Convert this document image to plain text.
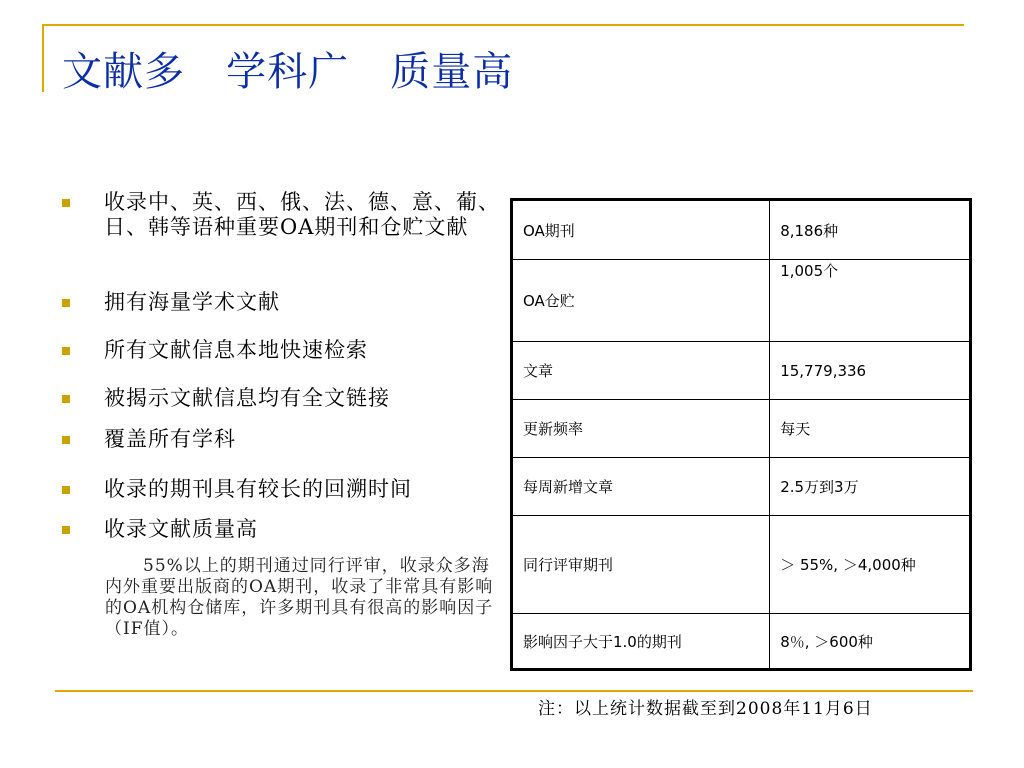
文献多   学科广   质量高
收录中、英、西、俄、法、德、意、葡、日、韩等语种重要OA期刊和仓贮文献
拥有海量学术文献
所有文献信息本地快速检索
被揭示文献信息均有全文链接
覆盖所有学科
收录的期刊具有较长的回溯时间
收录文献质量高
55%以上的期刊通过同行评审，收录众多海内外重要出版商的OA期刊，收录了非常具有影响的OA机构仓储库，许多期刊具有很高的影响因子（IF值）。
OA期刊	8,186种
OA仓贮	1,005个
文章	15,779,336
更新频率	每天
每周新增文章	2.5万到3万
同行评审期刊	＞ 55%, ＞4,000种
影响因子大于1.0的期刊	8％, ＞600种
注：以上统计数据截至到2008年11月6日
